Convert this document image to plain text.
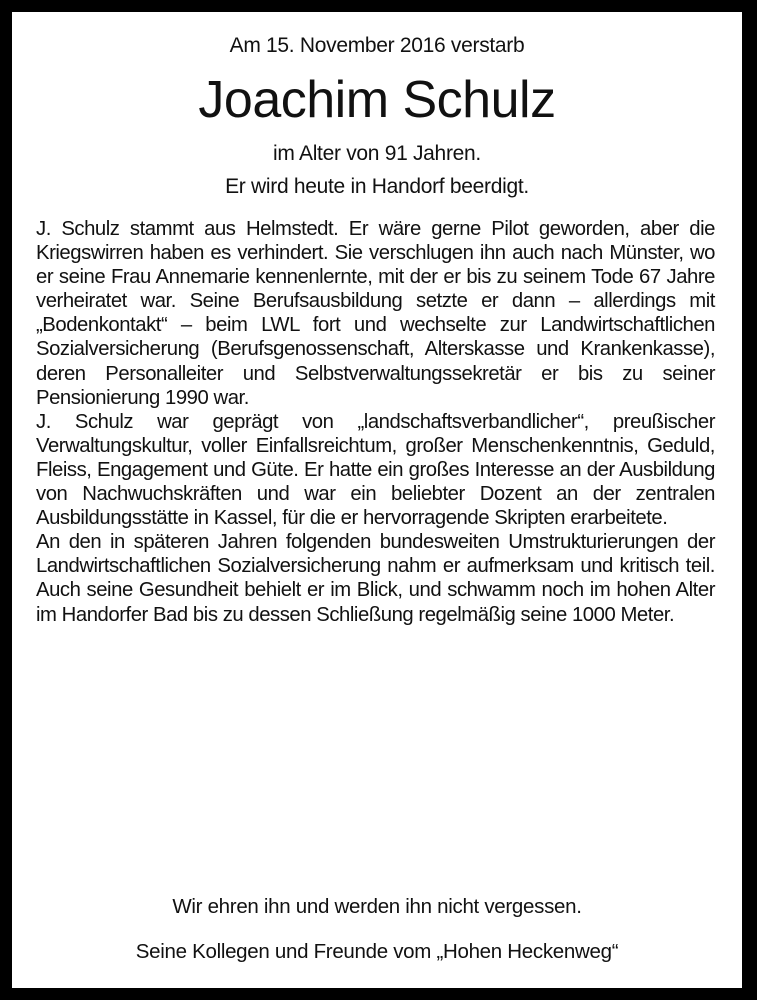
Am 15. November 2016 verstarb
Joachim Schulz
im Alter von 91 Jahren.
Er wird heute in Handorf beerdigt.

J. Schulz stammt aus Helmstedt. Er wäre gerne Pilot geworden, aber die Kriegswirren haben es verhindert. Sie verschlugen ihn auch nach Münster, wo er seine Frau Annemarie kennenlernte, mit der er bis zu seinem Tode 67 Jahre verheiratet war. Seine Berufsausbildung setzte er dann – allerdings mit „Bodenkontakt“ – beim LWL fort und wechselte zur Landwirtschaftlichen Sozialversicherung (Berufsgenossenschaft, Alterskasse und Krankenkasse), deren Personalleiter und Selbstverwaltungssekretär er bis zu seiner Pensionierung 1990 war.

J. Schulz war geprägt von „landschaftsverbandlicher“, preußischer Verwaltungskultur, voller Einfallsreichtum, großer Menschenkenntnis, Geduld, Fleiss, Engagement und Güte. Er hatte ein großes Interesse an der Ausbildung von Nachwuchskräften und war ein beliebter Dozent an der zentralen Ausbildungsstätte in Kassel, für die er hervorragende Skripten erarbeitete.

An den in späteren Jahren folgenden bundesweiten Umstrukturierungen der Landwirtschaftlichen Sozialversicherung nahm er aufmerksam und kritisch teil. Auch seine Gesundheit behielt er im Blick, und schwamm noch im hohen Alter im Handorfer Bad bis zu dessen Schließung regelmäßig seine 1000 Meter.

Wir ehren ihn und werden ihn nicht vergessen.
Seine Kollegen und Freunde vom „Hohen Heckenweg“
